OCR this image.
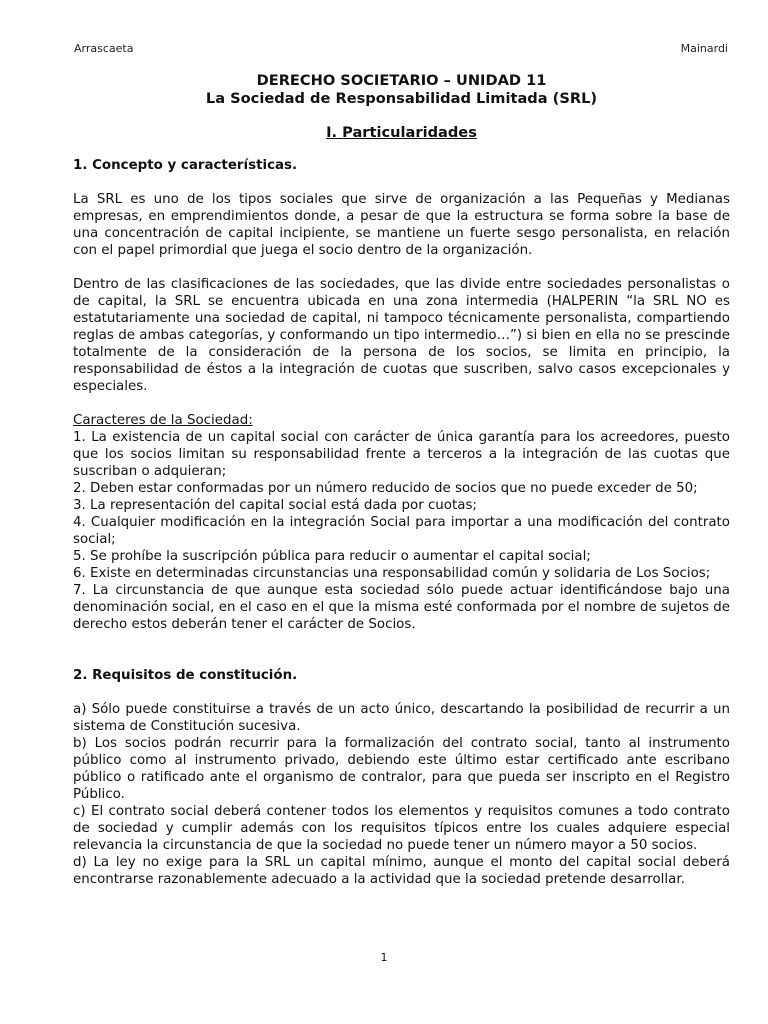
Arrascaeta	Mainardi

DERECHO SOCIETARIO – UNIDAD 11

La Sociedad de Responsabilidad Limitada (SRL)

I. Particularidades

1. Concepto y características.

La SRL es uno de los tipos sociales que sirve de organización a las Pequeñas y Medianas empresas, en emprendimientos donde, a pesar de que la estructura se forma sobre la base de una concentración de capital incipiente, se mantiene un fuerte sesgo personalista, en relación con el papel primordial que juega el socio dentro de la organización.

Dentro de las clasificaciones de las sociedades, que las divide entre sociedades personalistas o de capital, la SRL se encuentra ubicada en una zona intermedia (HALPERIN “la SRL NO es estatutariamente una sociedad de capital, ni tampoco técnicamente personalista, compartiendo reglas de ambas categorías, y conformando un tipo intermedio…”) si bien en ella no se prescinde totalmente de la consideración de la persona de los socios, se limita en principio, la responsabilidad de éstos a la integración de cuotas que suscriben, salvo casos excepcionales y especiales.

Caracteres de la Sociedad:

1. La existencia de un capital social con carácter de única garantía para los acreedores, puesto que los socios limitan su responsabilidad frente a terceros a la integración de las cuotas que suscriban o adquieran;

2. Deben estar conformadas por un número reducido de socios que no puede exceder de 50;

3. La representación del capital social está dada por cuotas;

4. Cualquier modificación en la integración Social para importar a una modificación del contrato social;

5. Se prohíbe la suscripción pública para reducir o aumentar el capital social;

6. Existe en determinadas circunstancias una responsabilidad común y solidaria de Los Socios;

7. La circunstancia de que aunque esta sociedad sólo puede actuar identificándose bajo una denominación social, en el caso en el que la misma esté conformada por el nombre de sujetos de derecho estos deberán tener el carácter de Socios.

2. Requisitos de constitución.

a) Sólo puede constituirse a través de un acto único, descartando la posibilidad de recurrir a un sistema de Constitución sucesiva.

b) Los socios podrán recurrir para la formalización del contrato social, tanto al instrumento público como al instrumento privado, debiendo este último estar certificado ante escribano público o ratificado ante el organismo de contralor, para que pueda ser inscripto en el Registro Público.

c) El contrato social deberá contener todos los elementos y requisitos comunes a todo contrato de sociedad y cumplir además con los requisitos típicos entre los cuales adquiere especial relevancia la circunstancia de que la sociedad no puede tener un número mayor a 50 socios.

d) La ley no exige para la SRL un capital mínimo, aunque el monto del capital social deberá encontrarse razonablemente adecuado a la actividad que la sociedad pretende desarrollar.

1
